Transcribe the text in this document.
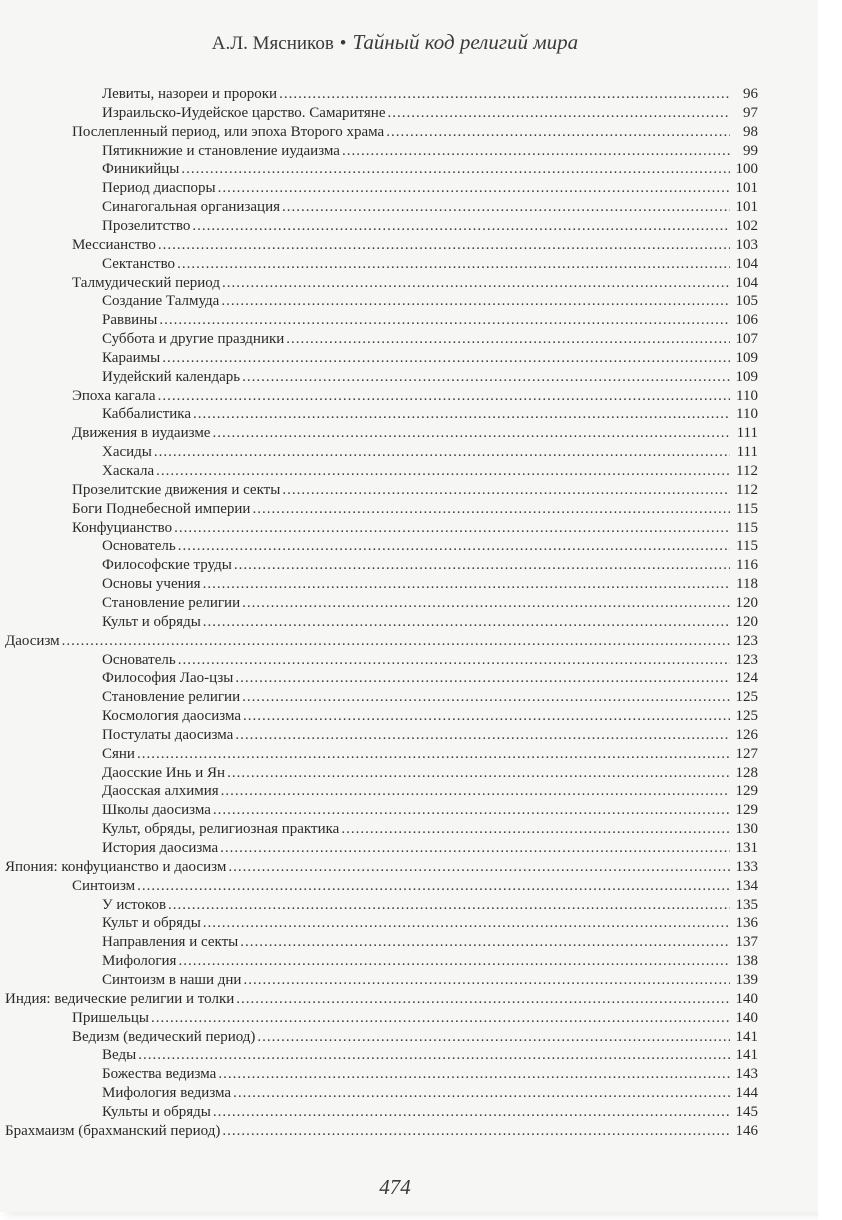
А.Л. Мясников • Тайный код религий мира
Левиты, назореи и пророки .....	96
Израильско-Иудейское царство. Самаритяне .....	97
Послепленный период, или эпоха Второго храма .....	98
Пятикнижие и становление иудаизма .....	99
Финикийцы .....	100
Период диаспоры .....	101
Синагогальная организация .....	101
Прозелитство .....	102
Мессианство .....	103
Сектанство .....	104
Талмудический период .....	104
Создание Талмуда .....	105
Раввины .....	106
Суббота и другие праздники .....	107
Караимы .....	109
Иудейский календарь .....	109
Эпоха кагала .....	110
Каббалистика .....	110
Движения в иудаизме .....	111
Хасиды .....	111
Хаскала .....	112
Прозелитские движения и секты .....	112
Боги Поднебесной империи .....	115
Конфуцианство .....	115
Основатель .....	115
Философские труды .....	116
Основы учения .....	118
Становление религии .....	120
Культ и обряды .....	120
Даосизм .....	123
Основатель .....	123
Философия Лао-цзы .....	124
Становление религии .....	125
Космология даосизма .....	125
Постулаты даосизма .....	126
Сяни .....	127
Даосские Инь и Ян .....	128
Даосская алхимия .....	129
Школы даосизма .....	129
Культ, обряды, религиозная практика .....	130
История даосизма .....	131
Япония: конфуцианство и даосизм .....	133
Синтоизм .....	134
У истоков .....	135
Культ и обряды .....	136
Направления и секты .....	137
Мифология .....	138
Синтоизм в наши дни .....	139
Индия: ведические религии и толки .....	140
Пришельцы .....	140
Ведизм (ведический период) .....	141
Веды .....	141
Божества ведизма .....	143
Мифология ведизма .....	144
Культы и обряды .....	145
Брахмаизм (брахманский период) .....	146
474
